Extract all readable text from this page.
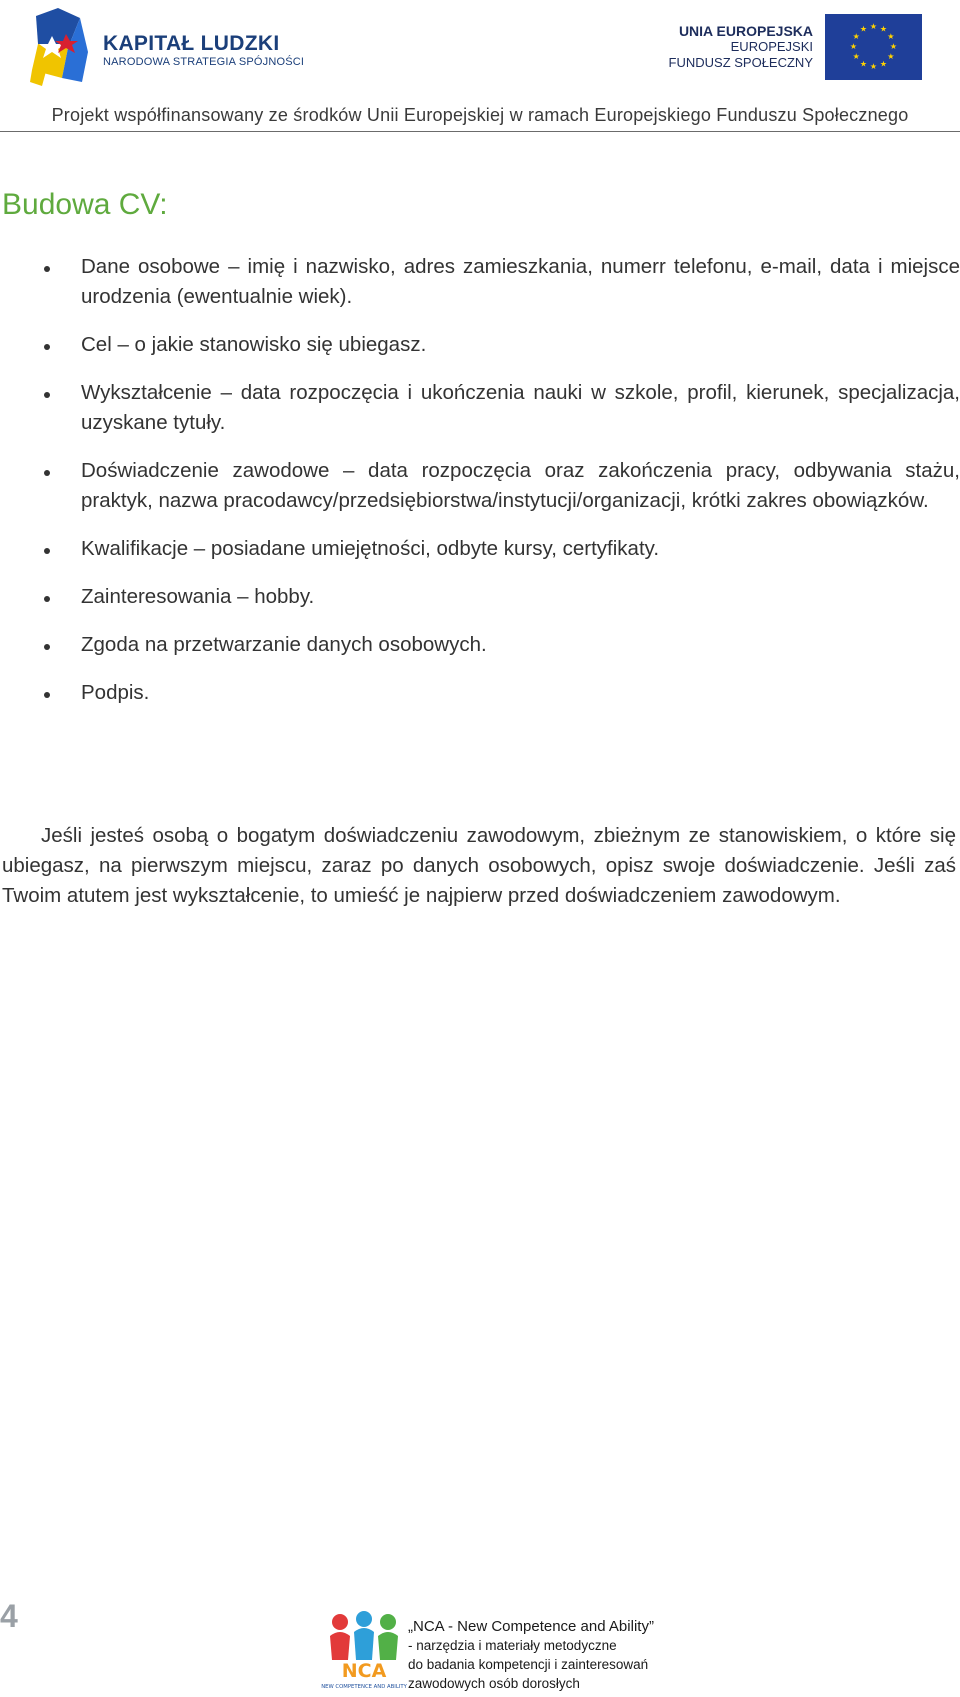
KAPITAŁ LUDZKI
NARODOWA STRATEGIA SPÓJNOŚCI
UNIA EUROPEJSKA
EUROPEJSKI
FUNDUSZ SPOŁECZNY
★ ★
★
★
★
★
★
★
★
★
★
★
Projekt współfinansowany ze środków Unii Europejskiej w ramach Europejskiego Funduszu Społecznego
Budowa CV:
Dane osobowe – imię i nazwisko, adres zamieszkania, numerr telefonu, e-mail, data i miejsce urodzenia (ewentualnie wiek).
Cel – o jakie stanowisko się ubiegasz.
Wykształcenie – data rozpoczęcia i ukończenia nauki w szkole, profil, kierunek, specjalizacja, uzyskane tytuły.
Doświadczenie zawodowe – data rozpoczęcia oraz zakończenia pracy, odbywania stażu, praktyk, nazwa pracodawcy/przedsiębiorstwa/instytucji/organizacji, krótki zakres obowiązków.
Kwalifikacje – posiadane umiejętności, odbyte kursy, certyfikaty.
Zainteresowania – hobby.
Zgoda na przetwarzanie danych osobowych.
Podpis.

Jeśli jesteś osobą o bogatym doświadczeniu zawodowym, zbieżnym ze stanowiskiem, o które się ubiegasz, na pierwszym miejscu, zaraz po danych osobowych, opisz swoje doświadczenie. Jeśli zaś Twoim atutem jest wykształcenie, to umieść je najpierw przed doświadczeniem zawodowym.

4
NCA
NEW COMPETENCE AND ABILITY
„NCA - New Competence and Ability”
- narzędzia i materiały metodyczne
do badania kompetencji i zainteresowań
zawodowych osób dorosłych
